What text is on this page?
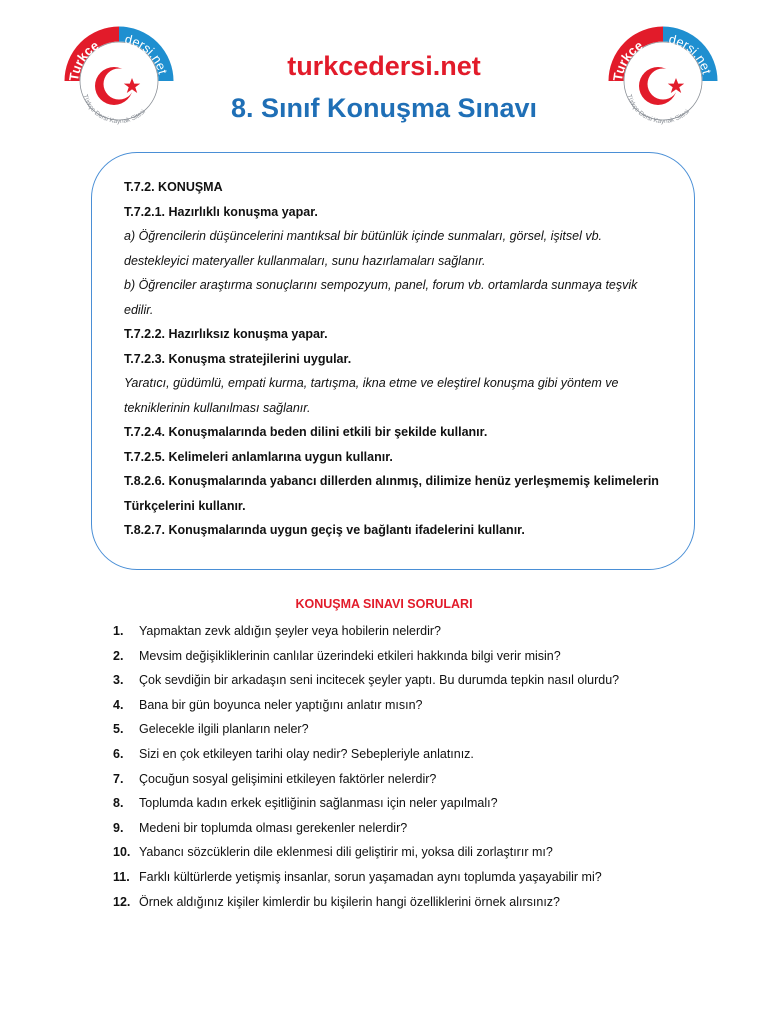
Turkce dersi.net
Türkçe Dersi Kaynak Sitesi
Turkce dersi.net
Türkçe Dersi Kaynak Sitesi
turkcedersi.net
8. Sınıf Konuşma Sınavı
T.7.2. KONUŞMA
T.7.2.1. Hazırlıklı konuşma yapar.
a) Öğrencilerin düşüncelerini mantıksal bir bütünlük içinde sunmaları, görsel, işitsel vb.
destekleyici materyaller kullanmaları, sunu hazırlamaları sağlanır.
b) Öğrenciler araştırma sonuçlarını sempozyum, panel, forum vb. ortamlarda sunmaya teşvik
edilir.
T.7.2.2. Hazırlıksız konuşma yapar.
T.7.2.3. Konuşma stratejilerini uygular.
Yaratıcı, güdümlü, empati kurma, tartışma, ikna etme ve eleştirel konuşma gibi yöntem ve
tekniklerinin kullanılması sağlanır.
T.7.2.4. Konuşmalarında beden dilini etkili bir şekilde kullanır.
T.7.2.5. Kelimeleri anlamlarına uygun kullanır.
T.8.2.6. Konuşmalarında yabancı dillerden alınmış, dilimize henüz yerleşmemiş kelimelerin
Türkçelerini kullanır.
T.8.2.7. Konuşmalarında uygun geçiş ve bağlantı ifadelerini kullanır.
KONUŞMA SINAVI SORULARI
1. Yapmaktan zevk aldığın şeyler veya hobilerin nelerdir?
2. Mevsim değişikliklerinin canlılar üzerindeki etkileri hakkında bilgi verir misin?
3. Çok sevdiğin bir arkadaşın seni incitecek şeyler yaptı. Bu durumda tepkin nasıl olurdu?
4. Bana bir gün boyunca neler yaptığını anlatır mısın?
5. Gelecekle ilgili planların neler?
6. Sizi en çok etkileyen tarihi olay nedir? Sebepleriyle anlatınız.
7. Çocuğun sosyal gelişimini etkileyen faktörler nelerdir?
8. Toplumda kadın erkek eşitliğinin sağlanması için neler yapılmalı?
9. Medeni bir toplumda olması gerekenler nelerdir?
10. Yabancı sözcüklerin dile eklenmesi dili geliştirir mi, yoksa dili zorlaştırır mı?
11. Farklı kültürlerde yetişmiş insanlar, sorun yaşamadan aynı toplumda yaşayabilir mi?
12. Örnek aldığınız kişiler kimlerdir bu kişilerin hangi özelliklerini örnek alırsınız?
